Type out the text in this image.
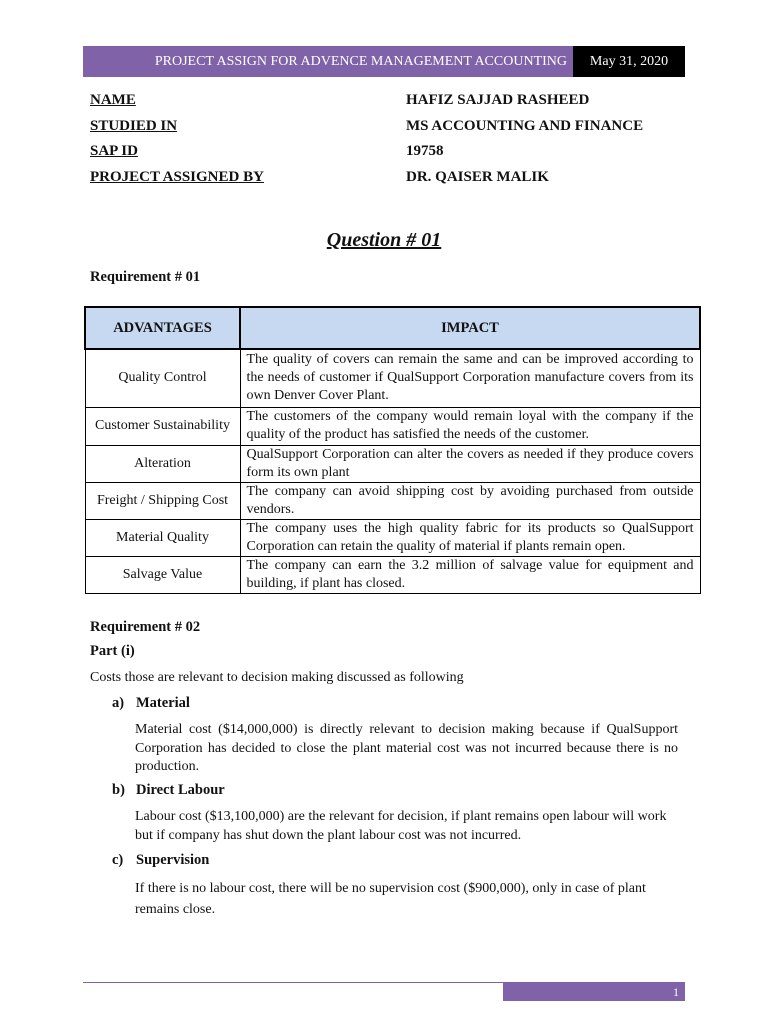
PROJECT ASSIGN FOR ADVENCE MANAGEMENT ACCOUNTING	May 31, 2020
NAME	HAFIZ SAJJAD RASHEED
STUDIED IN	MS ACCOUNTING AND FINANCE
SAP ID	19758
PROJECT ASSIGNED BY	DR. QAISER MALIK
Question # 01
Requirement # 01
ADVANTAGES	IMPACT
Quality Control	The quality of covers can remain the same and can be improved according to the needs of customer if QualSupport Corporation manufacture covers from its own Denver Cover Plant.
Customer Sustainability	The customers of the company would remain loyal with the company if the quality of the product has satisfied the needs of the customer.
Alteration	QualSupport Corporation can alter the covers as needed if they produce covers form its own plant
Freight / Shipping Cost	The company can avoid shipping cost by avoiding purchased from outside vendors.
Material Quality	The company uses the high quality fabric for its products so QualSupport Corporation can retain the quality of material if plants remain open.
Salvage Value	The company can earn the 3.2 million of salvage value for equipment and building, if plant has closed.
Requirement # 02
Part (i)
Costs those are relevant to decision making discussed as following
a) Material
Material cost ($14,000,000) is directly relevant to decision making because if QualSupport Corporation has decided to close the plant material cost was not incurred because there is no production.
b) Direct Labour
Labour cost ($13,100,000) are the relevant for decision, if plant remains open labour will work but if company has shut down the plant labour cost was not incurred.
c) Supervision
If there is no labour cost, there will be no supervision cost ($900,000), only in case of plant remains close.
1
